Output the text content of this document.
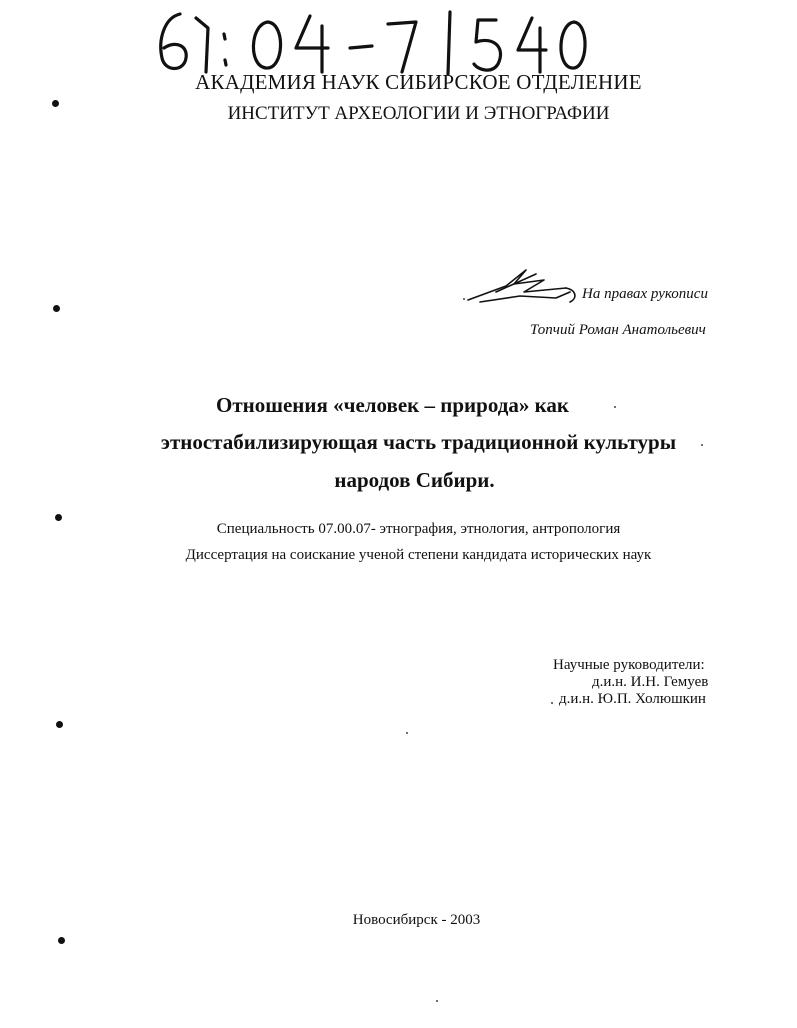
АКАДЕМИЯ НАУК СИБИРСКОЕ ОТДЕЛЕНИЕ
ИНСТИТУТ АРХЕОЛОГИИ И ЭТНОГРАФИИ
На правах рукописи
Топчий Роман Анатольевич
Отношения «человек – природа» как
этностабилизирующая часть традиционной культуры
народов Сибири.
Специальность 07.00.07- этнография, этнология, антропология
Диссертация на соискание ученой степени кандидата исторических наук
Научные руководители:
д.и.н. И.Н. Гемуев
д.и.н. Ю.П. Холюшкин
Новосибирск - 2003
